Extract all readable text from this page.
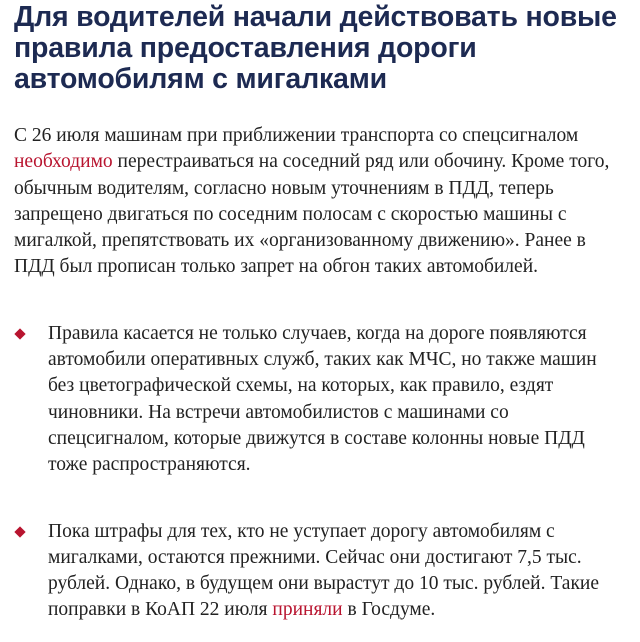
Для водителей начали действовать новые правила предоставления дороги автомобилям с мигалками

С 26 июля машинам при приближении транспорта со спецсигналом необходимо перестраиваться на соседний ряд или обочину. Кроме того, обычным водителям, согласно новым уточнениям в ПДД, теперь запрещено двигаться по соседним полосам с скоростью машины с мигалкой, препятствовать их «организованному движению». Ранее в ПДД был прописан только запрет на обгон таких автомобилей.

Правила касается не только случаев, когда на дороге появляются автомобили оперативных служб, таких как МЧС, но также машин без цветографической схемы, на которых, как правило, ездят чиновники. На встречи автомобилистов с машинами со спецсигналом, которые движутся в составе колонны новые ПДД тоже распространяются.
Пока штрафы для тех, кто не уступает дорогу автомобилям с мигалками, остаются прежними. Сейчас они достигают 7,5 тыс. рублей. Однако, в будущем они вырастут до 10 тыс. рублей. Такие поправки в КоАП 22 июля приняли в Госдуме.
